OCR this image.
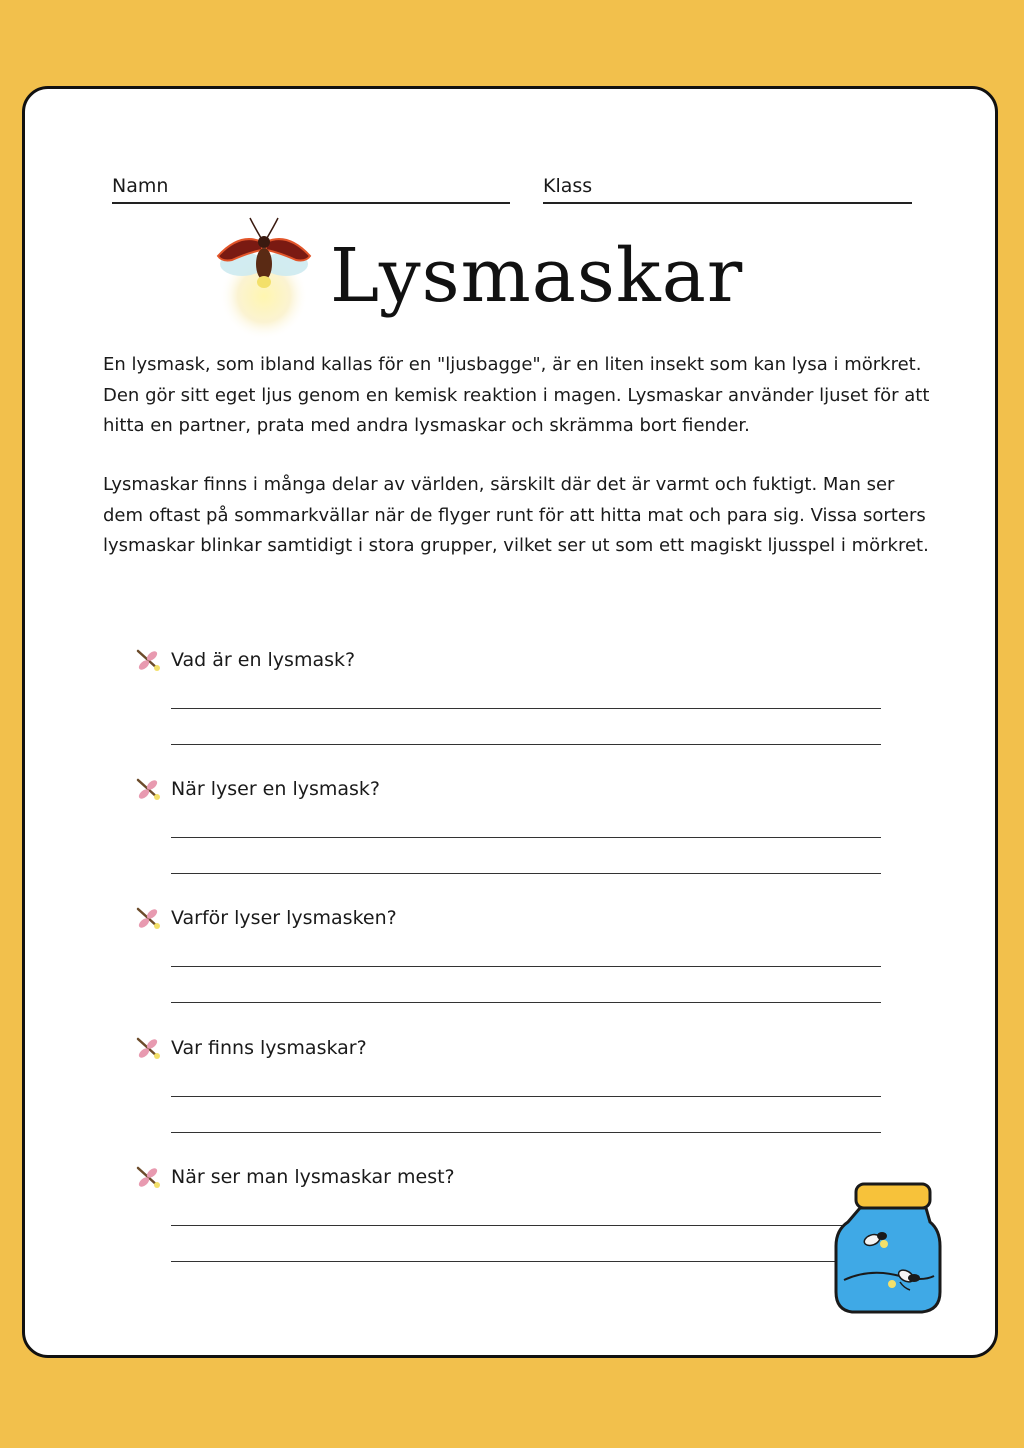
Namn	Klass
Lysmaskar

En lysmask, som ibland kallas för en "ljusbagge", är en liten insekt som kan lysa i mörkret. Den gör sitt eget ljus genom en kemisk reaktion i magen. Lysmaskar använder ljuset för att hitta en partner, prata med andra lysmaskar och skrämma bort fiender.

Lysmaskar finns i många delar av världen, särskilt där det är varmt och fuktigt. Man ser dem oftast på sommarkvällar när de flyger runt för att hitta mat och para sig. Vissa sorters lysmaskar blinkar samtidigt i stora grupper, vilket ser ut som ett magiskt ljusspel i mörkret.

Vad är en lysmask?
När lyser en lysmask?
Varför lyser lysmasken?
Var finns lysmaskar?
När ser man lysmaskar mest?
